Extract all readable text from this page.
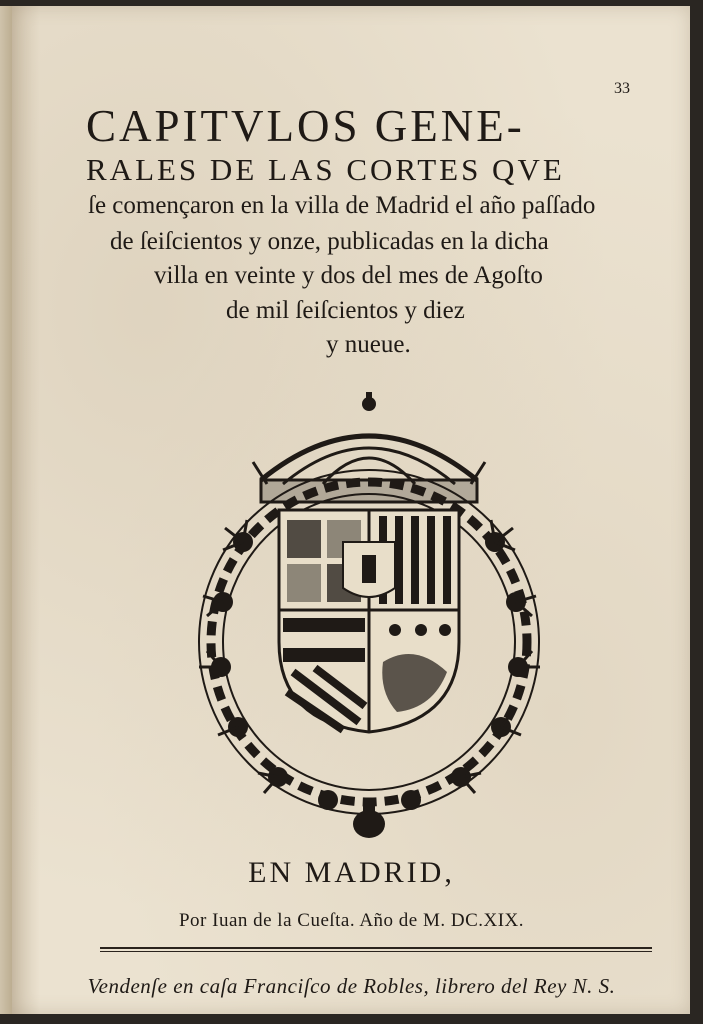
33
CAPITVLOS GENE-
RALES DE LAS CORTES QVE
ſe començaron en la villa de Madrid el año paſſado
de ſeiſcientos y onze, publicadas en la dicha
villa en veinte y dos del mes de Agoſto
de mil ſeiſcientos y diez
y nueue.
EN MADRID,
Por Iuan de la Cueſta. Año de M. DC.XIX.
Vendenſe en caſa Franciſco de Robles, librero del Rey N. S.
